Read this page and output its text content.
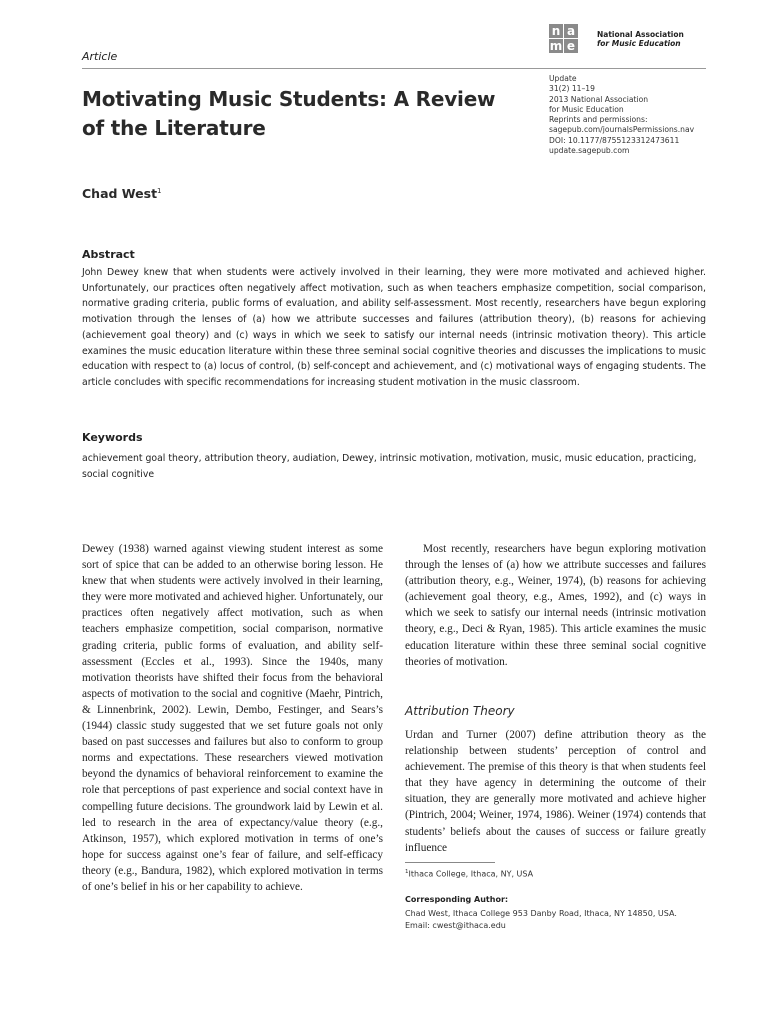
Article
n a
m e
National Association
for Music Education
Update
31(2) 11–19
2013 National Association
for Music Education
Reprints and permissions:
sagepub.com/journalsPermissions.nav
DOI: 10.1177/8755123312473611
update.sagepub.com
Motivating Music Students: A Review of the Literature
Chad West$^1$
Abstract
John Dewey knew that when students were actively involved in their learning, they were more motivated and achieved higher. Unfortunately, our practices often negatively affect motivation, such as when teachers emphasize competition, social comparison, normative grading criteria, public forms of evaluation, and ability self-assessment. Most recently, researchers have begun exploring motivation through the lenses of (a) how we attribute successes and failures (attribution theory), (b) reasons for achieving (achievement goal theory) and (c) ways in which we seek to satisfy our internal needs (intrinsic motivation theory). This article examines the music education literature within these three seminal social cognitive theories and discusses the implications to music education with respect to (a) locus of control, (b) self-concept and achievement, and (c) motivational ways of engaging students. The article concludes with specific recommendations for increasing student motivation in the music classroom.
Keywords
achievement goal theory, attribution theory, audiation, Dewey, intrinsic motivation, motivation, music, music education, practicing, social cognitive
Dewey (1938) warned against viewing student interest as some sort of spice that can be added to an otherwise boring lesson. He knew that when students were actively involved in their learning, they were more motivated and achieved higher. Unfortunately, our practices often negatively affect motivation, such as when teachers emphasize competition, social comparison, normative grading criteria, public forms of evaluation, and ability self-assessment (Eccles et al., 1993). Since the 1940s, many motivation theorists have shifted their focus from the behavioral aspects of motivation to the social and cognitive (Maehr, Pintrich, & Linnenbrink, 2002). Lewin, Dembo, Festinger, and Sears’s (1944) classic study suggested that we set future goals not only based on past successes and failures but also to conform to group norms and expectations. These researchers viewed motivation beyond the dynamics of behavioral reinforcement to examine the role that perceptions of past experience and social context have in compelling future decisions. The groundwork laid by Lewin et al. led to research in the area of expectancy/value theory (e.g., Atkinson, 1957), which explored motivation in terms of one’s hope for success against one’s fear of failure, and self-efficacy theory (e.g., Bandura, 1982), which explored motivation in terms of one’s belief in his or her capability to achieve.
Most recently, researchers have begun exploring motivation through the lenses of (a) how we attribute successes and failures (attribution theory, e.g., Weiner, 1974), (b) reasons for achieving (achievement goal theory, e.g., Ames, 1992), and (c) ways in which we seek to satisfy our internal needs (intrinsic motivation theory, e.g., Deci & Ryan, 1985). This article examines the music education literature within these three seminal social cognitive theories of motivation.
Attribution Theory
Urdan and Turner (2007) define attribution theory as the relationship between students’ perception of control and achievement. The premise of this theory is that when students feel that they have agency in determining the outcome of their situation, they are generally more motivated and achieve higher (Pintrich, 2004; Weiner, 1974, 1986). Weiner (1974) contends that students’ beliefs about the causes of success or failure greatly influence
$^1$Ithaca College, Ithaca, NY, USA
Corresponding Author:
Chad West, Ithaca College 953 Danby Road, Ithaca, NY 14850, USA.
Email: cwest@ithaca.edu
